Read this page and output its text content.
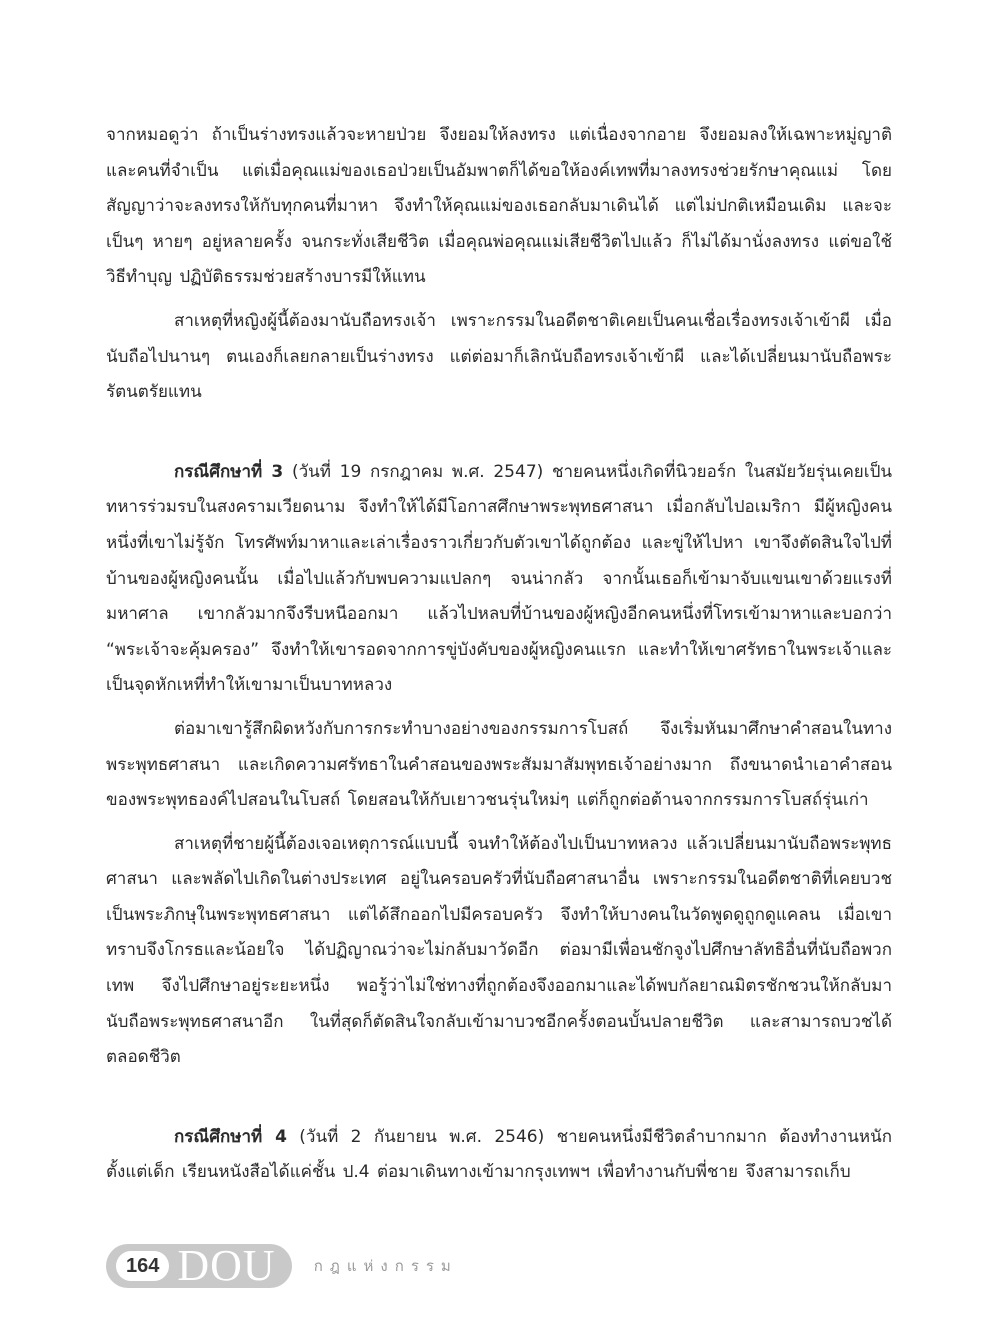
จากหมอดูว่า ถ้าเป็นร่างทรงแล้วจะหายป่วย จึงยอมให้ลงทรง แต่เนื่องจากอาย จึงยอมลงให้เฉพาะหมู่ญาติและคนที่จำเป็น แต่เมื่อคุณแม่ของเธอป่วยเป็นอัมพาตก็ได้ขอให้องค์เทพที่มาลงทรงช่วยรักษาคุณแม่ โดยสัญญาว่าจะลงทรงให้กับทุกคนที่มาหา จึงทำให้คุณแม่ของเธอกลับมาเดินได้ แต่ไม่ปกติเหมือนเดิม และจะเป็นๆ หายๆ อยู่หลายครั้ง จนกระทั่งเสียชีวิต เมื่อคุณพ่อคุณแม่เสียชีวิตไปแล้ว ก็ไม่ได้มานั่งลงทรง แต่ขอใช้วิธีทำบุญ ปฏิบัติธรรมช่วยสร้างบารมีให้แทน

สาเหตุที่หญิงผู้นี้ต้องมานับถือทรงเจ้า เพราะกรรมในอดีตชาติเคยเป็นคนเชื่อเรื่องทรงเจ้าเข้าผี เมื่อนับถือไปนานๆ ตนเองก็เลยกลายเป็นร่างทรง แต่ต่อมาก็เลิกนับถือทรงเจ้าเข้าผี และได้เปลี่ยนมานับถือพระรัตนตรัยแทน

กรณีศึกษาที่ 3 (วันที่ 19 กรกฎาคม พ.ศ. 2547) ชายคนหนึ่งเกิดที่นิวยอร์ก ในสมัยวัยรุ่นเคยเป็นทหารร่วมรบในสงครามเวียดนาม จึงทำให้ได้มีโอกาสศึกษาพระพุทธศาสนา เมื่อกลับไปอเมริกา มีผู้หญิงคนหนึ่งที่เขาไม่รู้จัก โทรศัพท์มาหาและเล่าเรื่องราวเกี่ยวกับตัวเขาได้ถูกต้อง และขู่ให้ไปหา เขาจึงตัดสินใจไปที่บ้านของผู้หญิงคนนั้น เมื่อไปแล้วกับพบความแปลกๆ จนน่ากลัว จากนั้นเธอก็เข้ามาจับแขนเขาด้วยแรงที่มหาศาล เขากลัวมากจึงรีบหนีออกมา แล้วไปหลบที่บ้านของผู้หญิงอีกคนหนึ่งที่โทรเข้ามาหาและบอกว่า “พระเจ้าจะคุ้มครอง” จึงทำให้เขารอดจากการขู่บังคับของผู้หญิงคนแรก และทำให้เขาศรัทธาในพระเจ้าและเป็นจุดหักเหที่ทำให้เขามาเป็นบาทหลวง

ต่อมาเขารู้สึกผิดหวังกับการกระทำบางอย่างของกรรมการโบสถ์ จึงเริ่มหันมาศึกษาคำสอนในทางพระพุทธศาสนา และเกิดความศรัทธาในคำสอนของพระสัมมาสัมพุทธเจ้าอย่างมาก ถึงขนาดนำเอาคำสอนของพระพุทธองค์ไปสอนในโบสถ์ โดยสอนให้กับเยาวชนรุ่นใหม่ๆ แต่ก็ถูกต่อต้านจากกรรมการโบสถ์รุ่นเก่า

สาเหตุที่ชายผู้นี้ต้องเจอเหตุการณ์แบบนี้ จนทำให้ต้องไปเป็นบาทหลวง แล้วเปลี่ยนมานับถือพระพุทธศาสนา และพลัดไปเกิดในต่างประเทศ อยู่ในครอบครัวที่นับถือศาสนาอื่น เพราะกรรมในอดีตชาติที่เคยบวชเป็นพระภิกษุในพระพุทธศาสนา แต่ได้สึกออกไปมีครอบครัว จึงทำให้บางคนในวัดพูดดูถูกดูแคลน เมื่อเขาทราบจึงโกรธและน้อยใจ ได้ปฏิญาณว่าจะไม่กลับมาวัดอีก ต่อมามีเพื่อนชักจูงไปศึกษาลัทธิอื่นที่นับถือพวกเทพ จึงไปศึกษาอยู่ระยะหนึ่ง พอรู้ว่าไม่ใช่ทางที่ถูกต้องจึงออกมาและได้พบกัลยาณมิตรชักชวนให้กลับมานับถือพระพุทธศาสนาอีก ในที่สุดก็ตัดสินใจกลับเข้ามาบวชอีกครั้งตอนบั้นปลายชีวิต และสามารถบวชได้ตลอดชีวิต

กรณีศึกษาที่ 4 (วันที่ 2 กันยายน พ.ศ. 2546) ชายคนหนึ่งมีชีวิตลำบากมาก ต้องทำงานหนักตั้งแต่เด็ก เรียนหนังสือได้แค่ชั้น ป.4 ต่อมาเดินทางเข้ามากรุงเทพฯ เพื่อทำงานกับพี่ชาย จึงสามารถเก็บ

164 DOU	กฎแห่งกรรม
